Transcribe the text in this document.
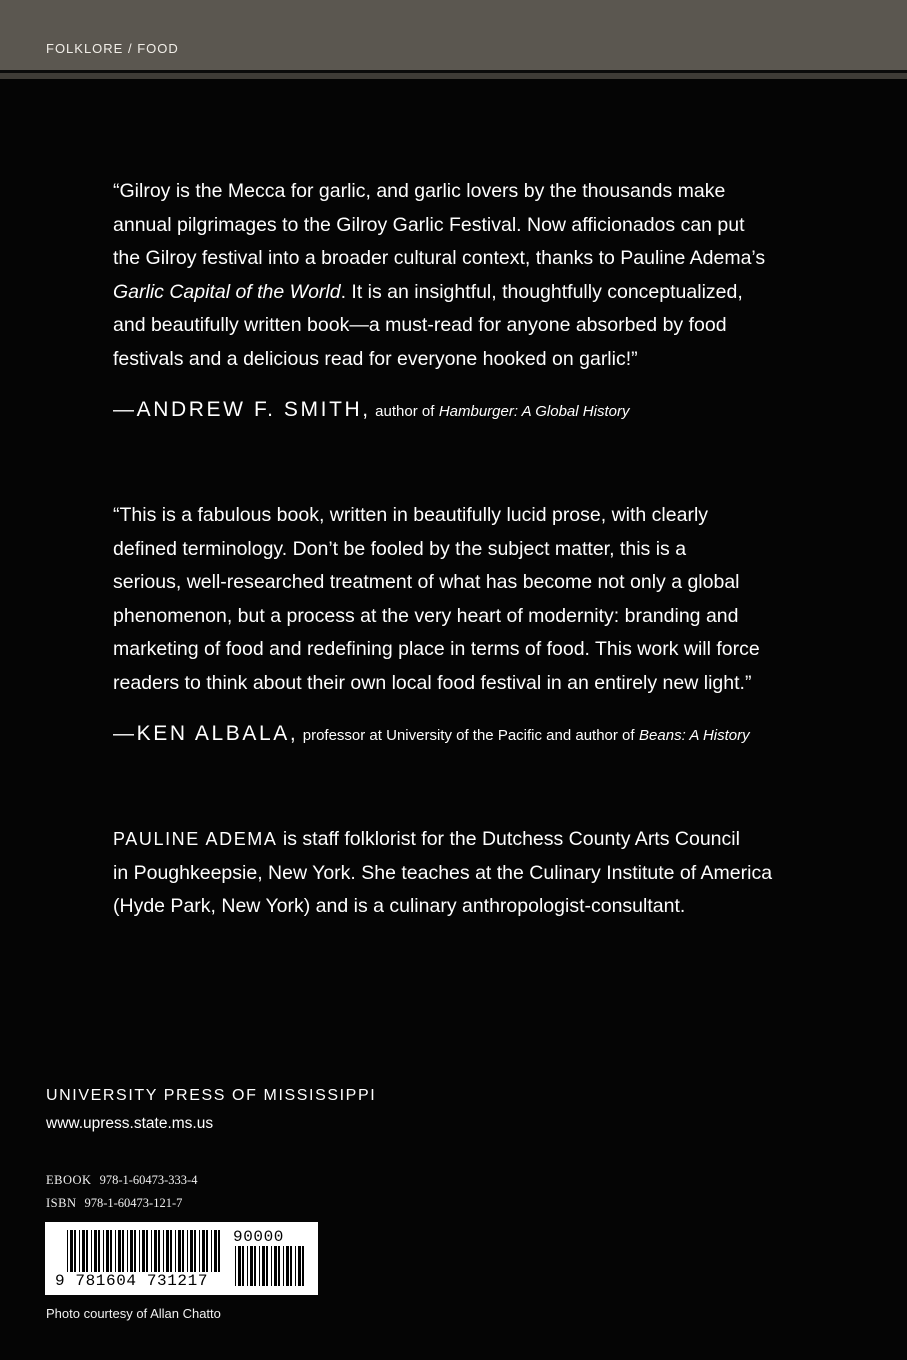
FOLKLORE / FOOD
“Gilroy is the Mecca for garlic, and garlic lovers by the thousands make
annual pilgrimages to the Gilroy Garlic Festival. Now afficionados can put
the Gilroy festival into a broader cultural context, thanks to Pauline Adema’s
Garlic Capital of the World. It is an insightful, thoughtfully conceptualized,
and beautifully written book—a must-read for anyone absorbed by food
festivals and a delicious read for everyone hooked on garlic!”
—ANDREW F. SMITH, author of Hamburger: A Global History
“This is a fabulous book, written in beautifully lucid prose, with clearly
defined terminology. Don’t be fooled by the subject matter, this is a
serious, well-researched treatment of what has become not only a global
phenomenon, but a process at the very heart of modernity: branding and
marketing of food and redefining place in terms of food. This work will force
readers to think about their own local food festival in an entirely new light.”
—KEN ALBALA, professor at University of the Pacific and author of Beans: A History
PAULINE ADEMA is staff folklorist for the Dutchess County Arts Council
in Poughkeepsie, New York. She teaches at the Culinary Institute of America
(Hyde Park, New York) and is a culinary anthropologist-consultant.
UNIVERSITY PRESS OF MISSISSIPPI
www.upress.state.ms.us
EBOOK 978-1-60473-333-4
ISBN 978-1-60473-121-7
9 781604 731217
90000
Photo courtesy of Allan Chatto
